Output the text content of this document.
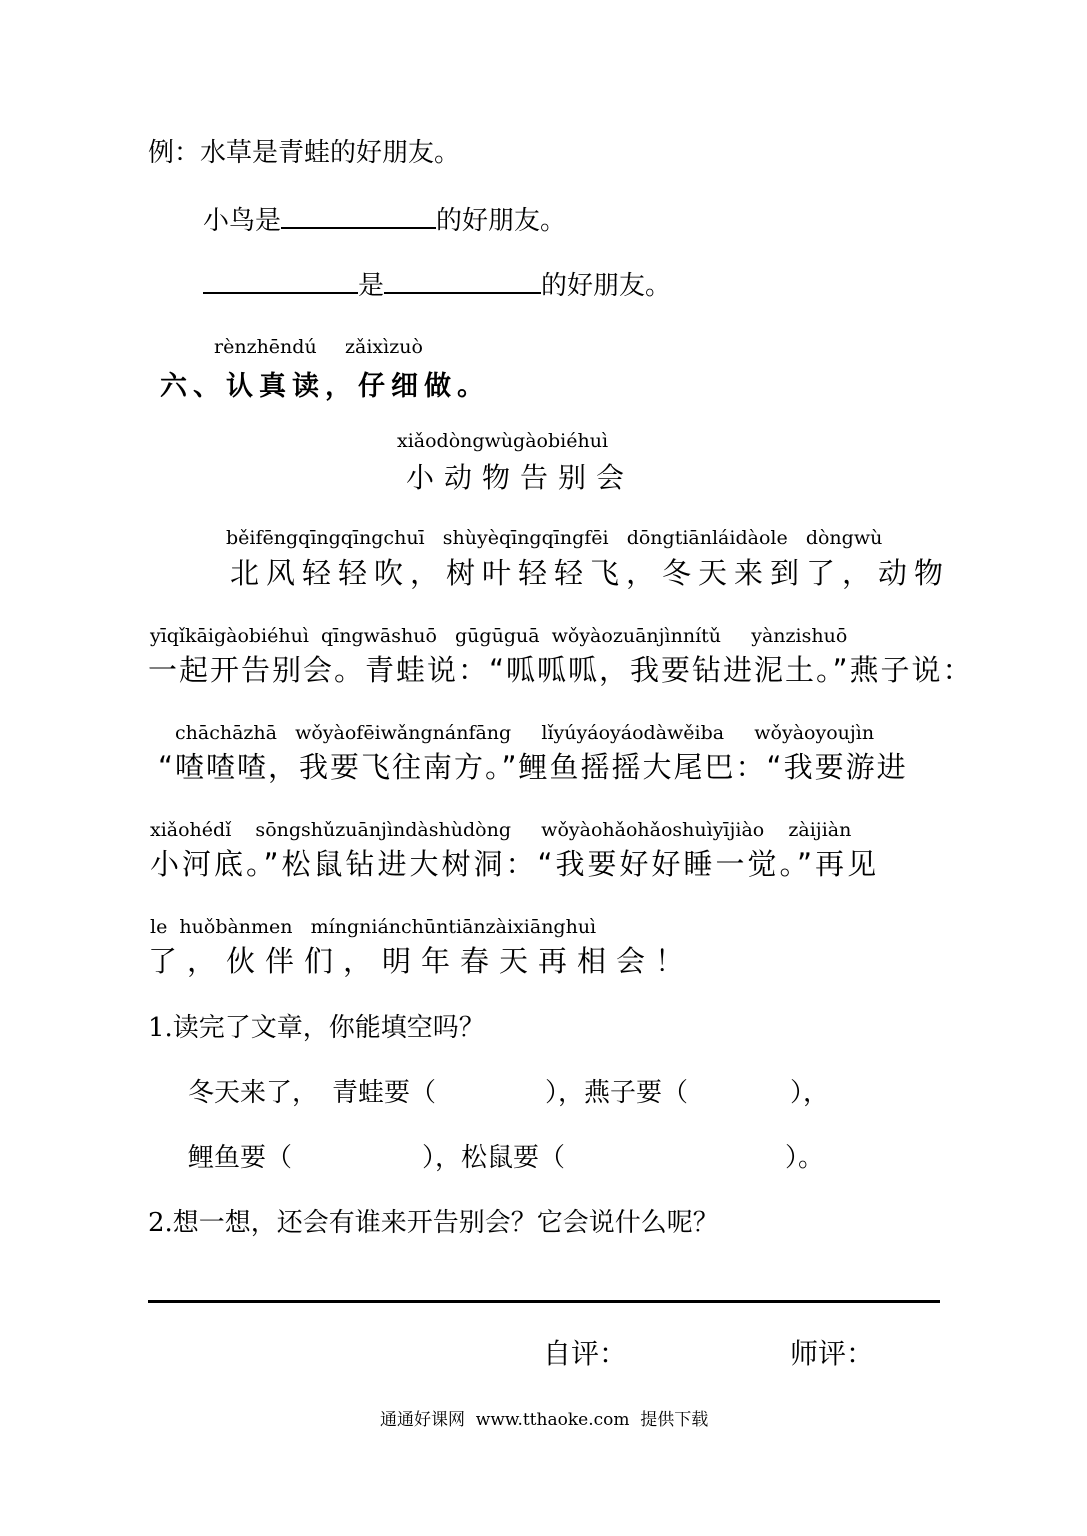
例：水草是青蛙的好朋友。
小鸟是	的好朋友。
是	的好朋友。
rènzhēndú zǎixìzuò
六、认真读，仔细做。
xiǎodòngwùgàobiéhuì
小动物告别会
běifēngqīngqīngchuī   shùyèqīngqīngfēi   dōngtiānláidàole   dòngwù
北风轻轻吹，树叶轻轻飞，冬天来到了，动物
yīqǐkāigàobiéhuì  qīngwāshuō   gūgūguā  wǒyàozuānjìnnítǔ     yànzishuō
一起开告别会。青蛙说：“呱呱呱，我要钻进泥土。”燕子说：
chāchāzhā   wǒyàofēiwǎngnánfāng     lǐyúyáoyáodàwěiba     wǒyàoyoujìn
“喳喳喳，我要飞往南方。”鲤鱼摇摇大尾巴：“我要游进
xiǎohédǐ    sōngshǔzuānjìndàshùdòng     wǒyàohǎohǎoshuìyījiào    zàijiàn
小河底。”松鼠钻进大树洞：“我要好好睡一觉。”再见
le  huǒbànmen   míngniánchūntiānzàixiānghuì
了，伙伴们，明年春天再相会！
1.读完了文章，你能填空吗？
冬天来了， 青蛙要（	），燕子要（	），
鲤鱼要（	），松鼠要（	）。
2.想一想，还会有谁来开告别会？它会说什么呢？
自评：	师评：
通通好课网  www.tthaoke.com  提供下载
